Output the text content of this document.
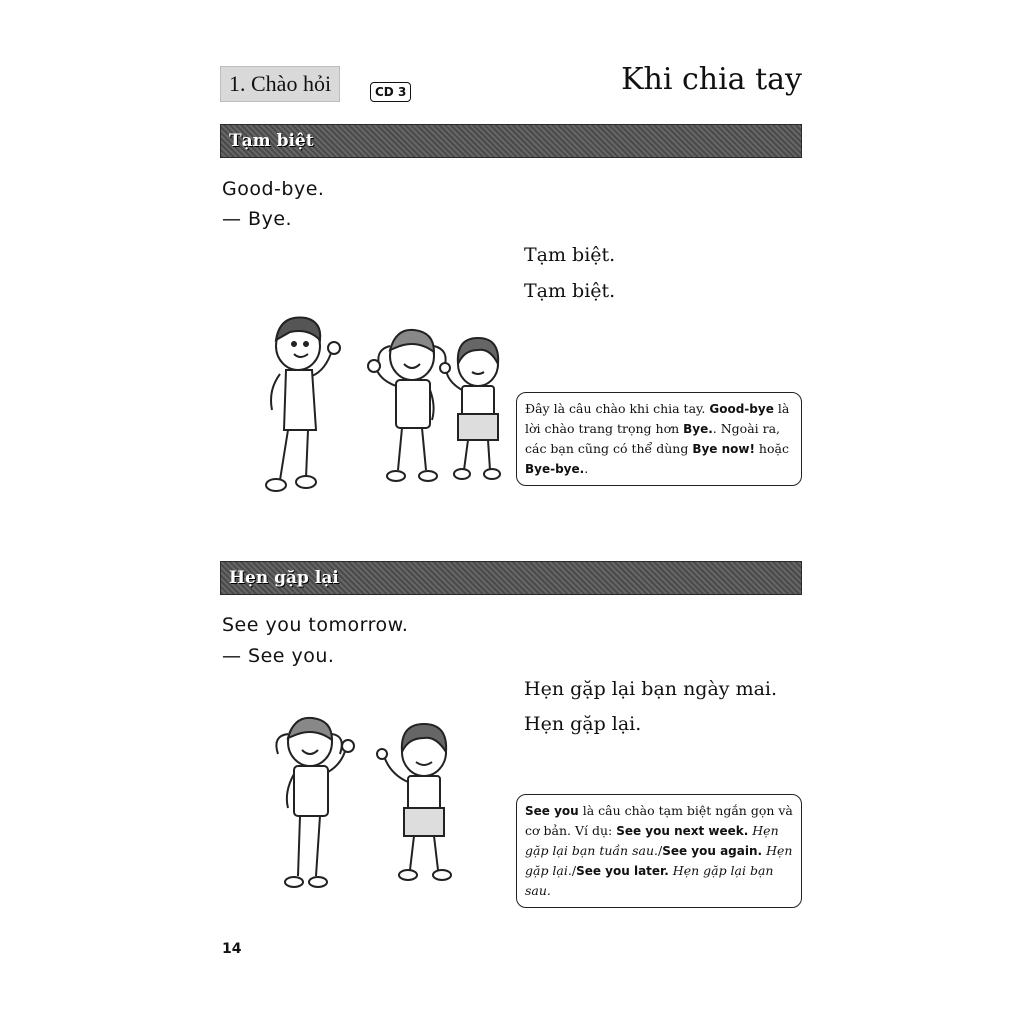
1. Chào hỏi	CD 3	Khi chia tay
Tạm biệt
Good-bye.
— Bye.
Tạm biệt.
Tạm biệt.
Đây là câu chào khi chia tay. Good-bye là lời chào trang trọng hơn Bye.. Ngoài ra, các bạn cũng có thể dùng Bye now! hoặc Bye-bye..
Hẹn gặp lại
See you tomorrow.
— See you.
Hẹn gặp lại bạn ngày mai.
Hẹn gặp lại.
See you là câu chào tạm biệt ngắn gọn và cơ bản. Ví dụ: See you next week. Hẹn gặp lại bạn tuần sau./See you again. Hẹn gặp lại./See you later. Hẹn gặp lại bạn sau.
14
